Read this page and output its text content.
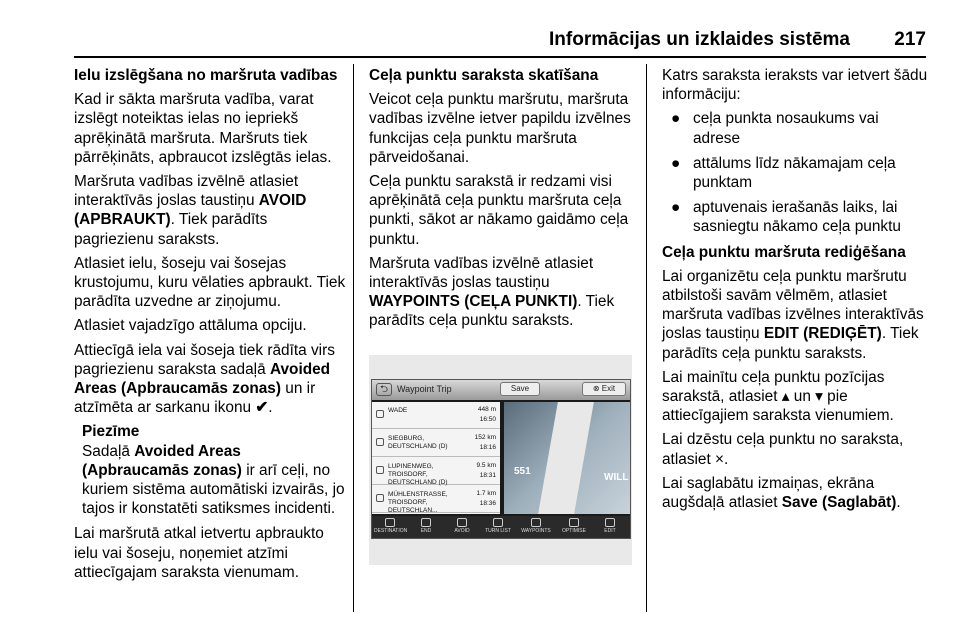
Informācijas un izklaides sistēma	217

Ielu izslēgšana no maršruta vadības

Kad ir sākta maršruta vadība, varat izslēgt noteiktas ielas no iepriekš aprēķinātā maršruta. Maršruts tiek pārrēķināts, apbraucot izslēgtās ielas.

Maršruta vadības izvēlnē atlasiet interaktīvās joslas taustiņu AVOID (APBRAUKT). Tiek parādīts pagriezienu saraksts.

Atlasiet ielu, šoseju vai šosejas krustojumu, kuru vēlaties apbraukt. Tiek parādīta uzvedne ar ziņojumu.

Atlasiet vajadzīgo attāluma opciju.

Attiecīgā iela vai šoseja tiek rādīta virs pagriezienu saraksta sadaļā Avoided Areas (Apbraucamās zonas) un ir atzīmēta ar sarkanu ikonu ✔.

Piezīme
Sadaļā Avoided Areas (Apbraucamās zonas) ir arī ceļi, no kuriem sistēma automātiski izvairās, jo tajos ir konstatēti satiksmes incidenti.

Lai maršrutā atkal ietvertu apbraukto ielu vai šoseju, noņemiet atzīmi attiecīgajam saraksta vienumam.

Ceļa punktu saraksta skatīšana

Veicot ceļa punktu maršrutu, maršruta vadības izvēlne ietver papildu izvēlnes funkcijas ceļa punktu maršruta pārveidošanai.

Ceļa punktu sarakstā ir redzami visi aprēķinātā ceļa punktu maršruta ceļa punkti, sākot ar nākamo gaidāmo ceļa punktu.

Maršruta vadības izvēlnē atlasiet interaktīvās joslas taustiņu WAYPOINTS (CEĻA PUNKTI). Tiek parādīts ceļa punktu saraksts.

⮌	Waypoint Trip	Save	⊗ Exit
WADE	448 m
16:50
SIEGBURG, DEUTSCHLAND (D)
152 km
18:16
LUPINENWEG, TROISDORF, DEUTSCHLAND (D)
9.5 km
18:31
MÜHLENSTRASSE, TROISDORF, DEUTSCHLAN...
1.7 km
18:36
551
WILL
DESTINATION	END	AVOID	TURN LIST	WAYPOINTS	OPTIMISE	EDIT

Katrs saraksta ieraksts var ietvert šādu informāciju:

● ceļa punkta nosaukums vai adrese
● attālums līdz nākamajam ceļa punktam
● aptuvenais ierašanās laiks, lai sasniegtu nākamo ceļa punktu

Ceļa punktu maršruta rediģēšana

Lai organizētu ceļa punktu maršrutu atbilstoši savām vēlmēm, atlasiet maršruta vadības izvēlnes interaktīvās joslas taustiņu EDIT (REDIĢĒT). Tiek parādīts ceļa punktu saraksts.

Lai mainītu ceļa punktu pozīcijas sarakstā, atlasiet ▴ un ▾ pie attiecīgajiem saraksta vienumiem.

Lai dzēstu ceļa punktu no saraksta, atlasiet ×.

Lai saglabātu izmaiņas, ekrāna augšdaļā atlasiet Save (Saglabāt).
